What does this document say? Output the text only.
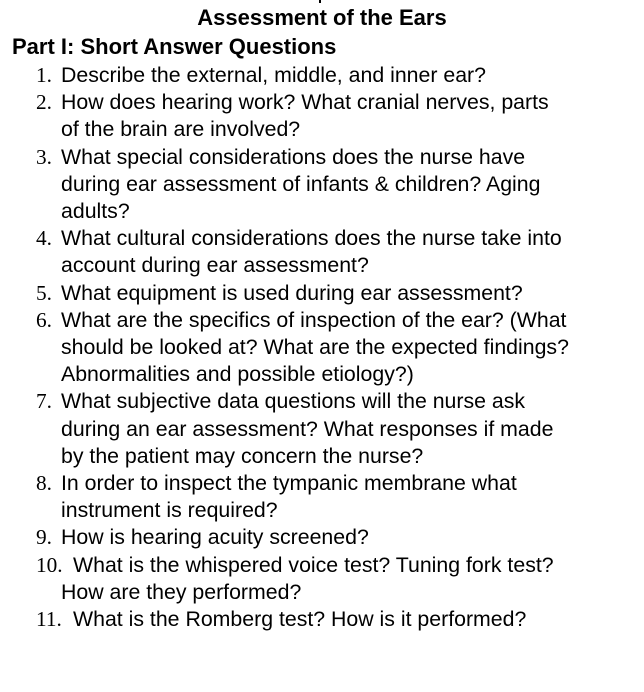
Assessment of the Ears
Part I: Short Answer Questions
1. Describe the external, middle, and inner ear?
2. How does hearing work? What cranial nerves, parts
of the brain are involved?
3. What special considerations does the nurse have
during ear assessment of infants & children? Aging
adults?
4. What cultural considerations does the nurse take into
account during ear assessment?
5. What equipment is used during ear assessment?
6. What are the specifics of inspection of the ear? (What
should be looked at? What are the expected findings?
Abnormalities and possible etiology?)
7. What subjective data questions will the nurse ask
during an ear assessment? What responses if made
by the patient may concern the nurse?
8. In order to inspect the tympanic membrane what
instrument is required?
9. How is hearing acuity screened?
10. What is the whispered voice test? Tuning fork test?
How are they performed?
11. What is the Romberg test? How is it performed?
